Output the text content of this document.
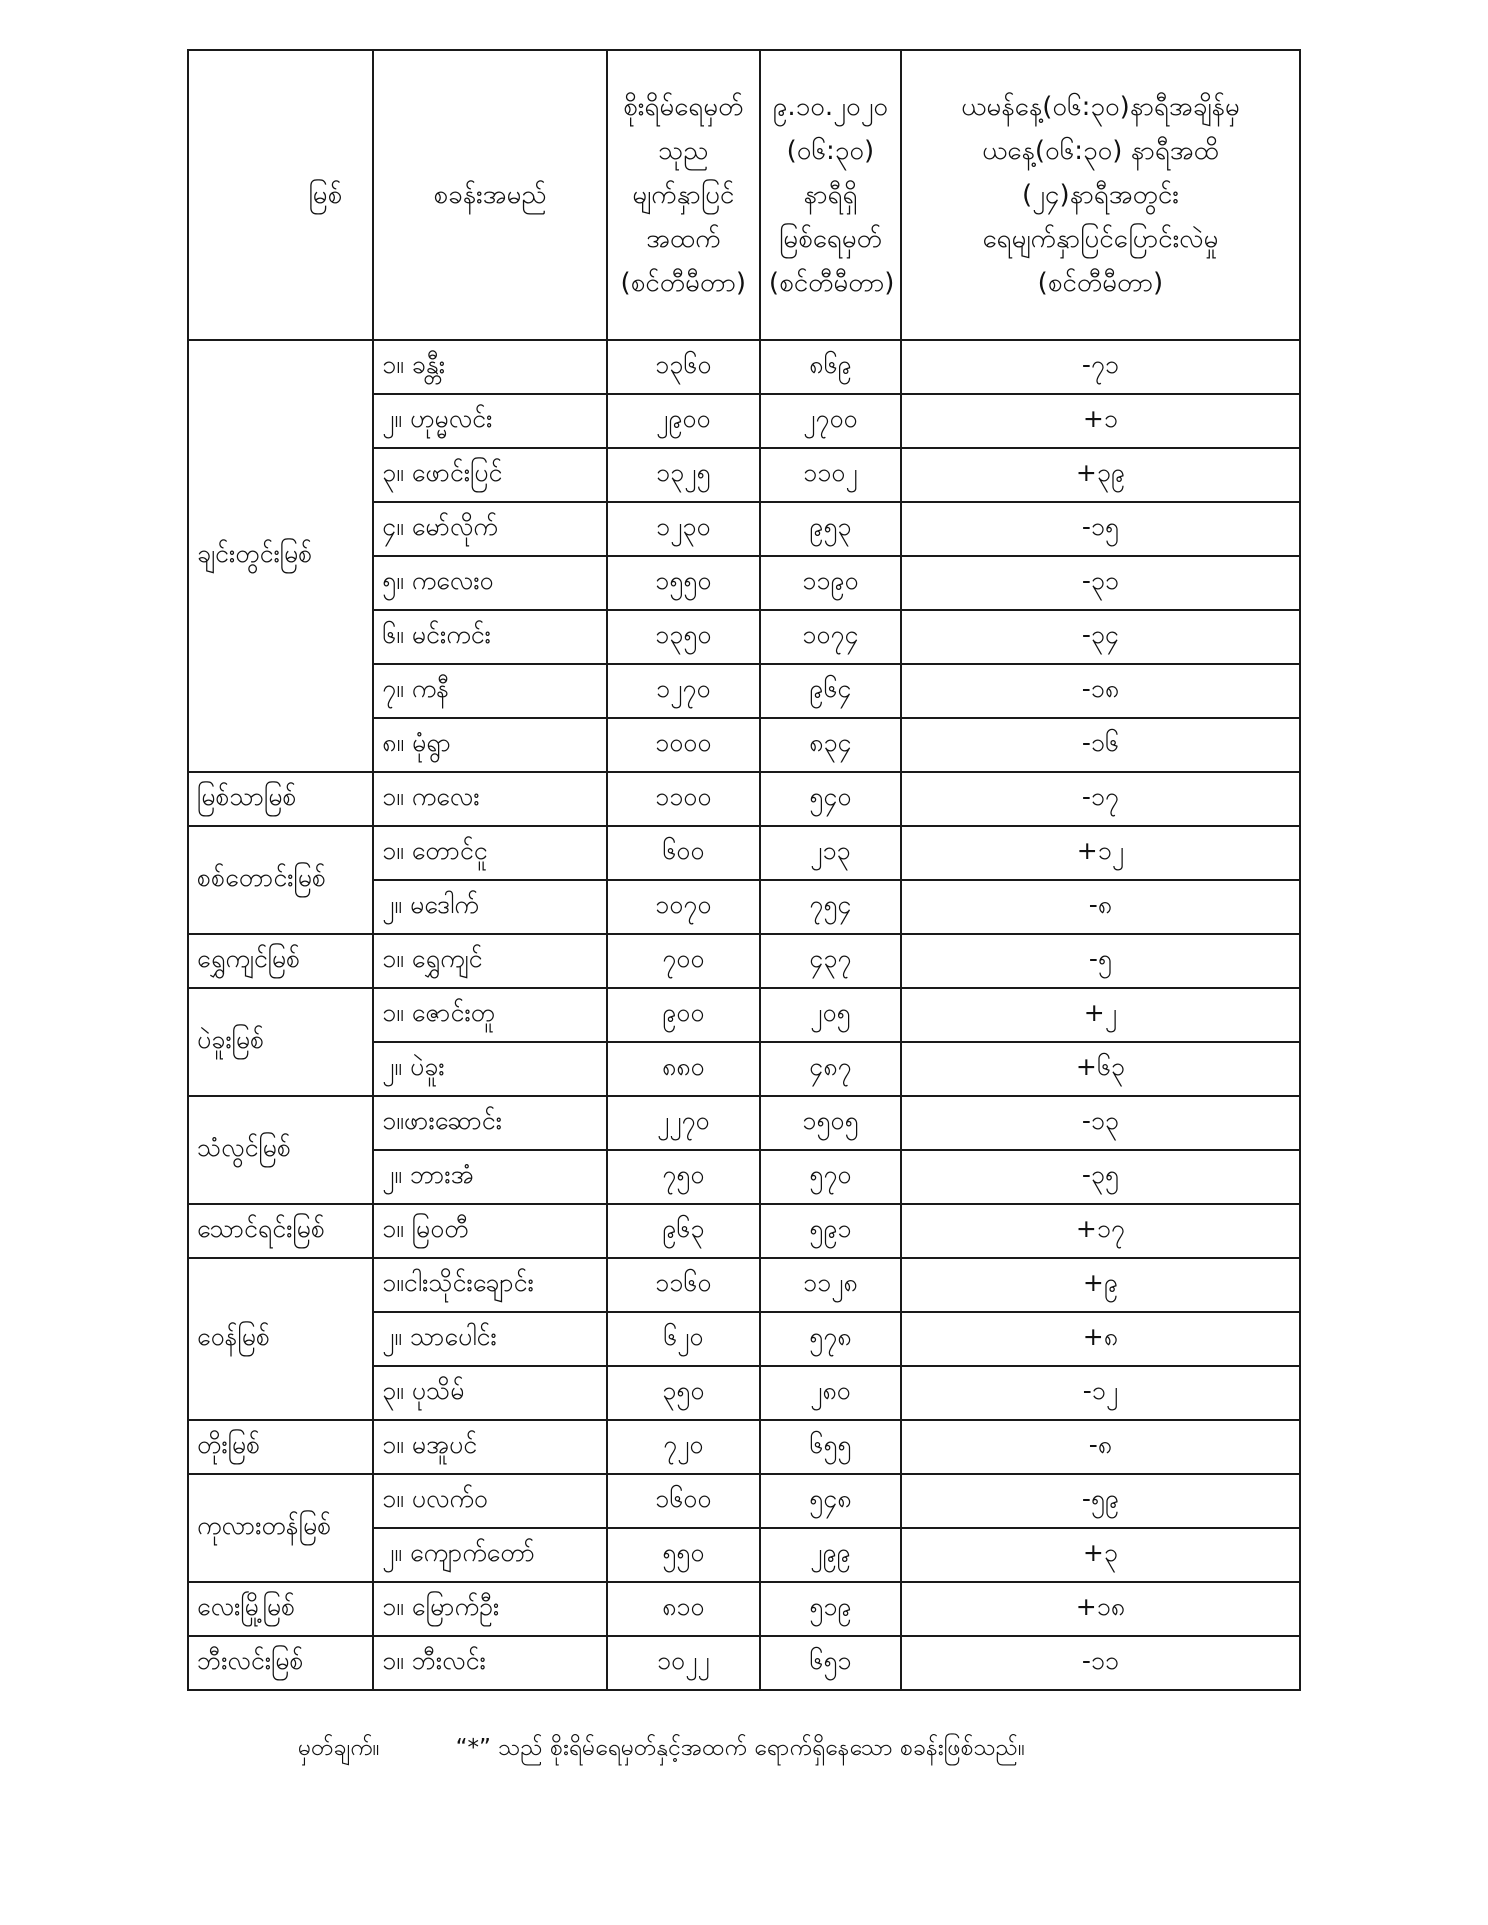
မြစ်	စခန်းအမည်	စိုးရိမ်ရေမှတ်
သုည
မျက်နှာပြင်
အထက်
(စင်တီမီတာ)	၉.၁၀.၂၀၂၀
(၀၆:၃၀)
နာရီရှိ
မြစ်ရေမှတ်
(စင်တီမီတာ)	ယမန်နေ့(၀၆:၃၀)နာရီအချိန်မှ
ယနေ့(၀၆:၃၀) နာရီအထိ
(၂၄)နာရီအတွင်း
ရေမျက်နှာပြင်ပြောင်းလဲမှု
(စင်တီမီတာ)

ချင်းတွင်းမြစ်	၁။ ခန္တီး	၁၃၆၀	၈၆၉	-၇၁
	၂။ ဟုမ္မလင်း	၂၉၀၀	၂၇၀၀	+၁
	၃။ ဖောင်းပြင်	၁၃၂၅	၁၁၀၂	+၃၉
	၄။ မော်လိုက်	၁၂၃၀	၉၅၃	-၁၅
	၅။ ကလေးဝ	၁၅၅၀	၁၁၉၀	-၃၁
	၆။ မင်းကင်း	၁၃၅၀	၁၀၇၄	-၃၄
	၇။ ကနီ	၁၂၇၀	၉၆၄	-၁၈
	၈။ မုံရွာ	၁၀၀၀	၈၃၄	-၁၆
မြစ်သာမြစ်	၁။ ကလေး	၁၁၀၀	၅၄၀	-၁၇
စစ်တောင်းမြစ်	၁။ တောင်ငူ	၆၀၀	၂၁၃	+၁၂
	၂။ မဒေါက်	၁၀၇၀	၇၅၄	-၈
ရွှေကျင်မြစ်	၁။ ရွှေကျင်	၇၀၀	၄၃၇	-၅
ပဲခူးမြစ်	၁။ ဇောင်းတူ	၉၀၀	၂၀၅	+၂
	၂။ ပဲခူး	၈၈၀	၄၈၇	+၆၃
သံလွင်မြစ်	၁။ဖားဆောင်း	၂၂၇၀	၁၅၀၅	-၁၃
	၂။ ဘားအံ	၇၅၀	၅၇၀	-၃၅
သောင်ရင်းမြစ်	၁။ မြဝတီ	၉၆၃	၅၉၁	+၁၇
ဝေန်မြစ်	၁။ငါးသိုင်းချောင်း	၁၁၆၀	၁၁၂၈	+၉
	၂။ သာပေါင်း	၆၂၀	၅၇၈	+၈
	၃။ ပုသိမ်	၃၅၀	၂၈၀	-၁၂
တိုးမြစ်	၁။ မအူပင်	၇၂၀	၆၅၅	-၈
ကုလားတန်မြစ်	၁။ ပလက်ဝ	၁၆၀၀	၅၄၈	-၅၉
	၂။ ကျောက်တော်	၅၅၀	၂၉၉	+၃
လေးမြို့မြစ်	၁။ မြောက်ဦး	၈၁၀	၅၁၉	+၁၈
ဘီးလင်းမြစ်	၁။ ဘီးလင်း	၁၀၂၂	၆၅၁	-၁၁
မှတ်ချက်။	“*” သည် စိုးရိမ်ရေမှတ်နှင့်အထက် ရောက်ရှိနေသော စခန်းဖြစ်သည်။
